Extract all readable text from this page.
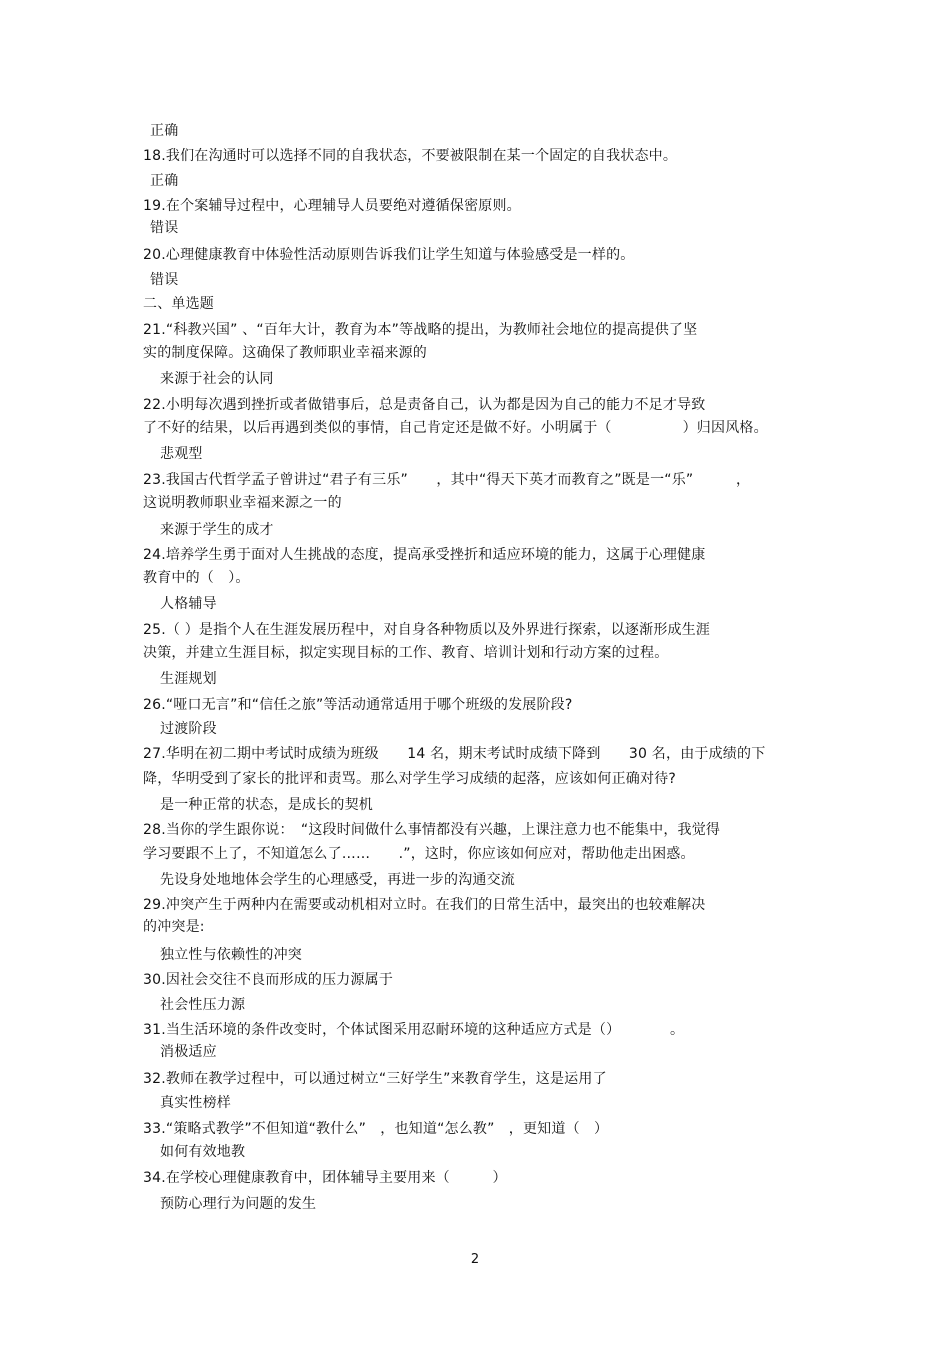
正确
18.我们在沟通时可以选择不同的自我状态，不要被限制在某一个固定的自我状态中。
正确
19.在个案辅导过程中，心理辅导人员要绝对遵循保密原则。
错误
20.心理健康教育中体验性活动原则告诉我们让学生知道与体验感受是一样的。
错误
二、单选题
21.“科教兴国” 、“百年大计，教育为本”等战略的提出，为教师社会地位的提高提供了坚
实的制度保障。这确保了教师职业幸福来源的
来源于社会的认同
22.小明每次遇到挫折或者做错事后，总是责备自己，认为都是因为自己的能力不足才导致
了不好的结果，以后再遇到类似的事情，自己肯定还是做不好。小明属于（　　　　　）归因风格。
悲观型
23.我国古代哲学孟子曾讲过“君子有三乐”　　，其中“得天下英才而教育之”既是一“乐”　　　，
这说明教师职业幸福来源之一的
来源于学生的成才
24.培养学生勇于面对人生挑战的态度，提高承受挫折和适应环境的能力，这属于心理健康
教育中的（　）。
人格辅导
25.（ ）是指个人在生涯发展历程中，对自身各种物质以及外界进行探索，以逐渐形成生涯
决策，并建立生涯目标，拟定实现目标的工作、教育、培训计划和行动方案的过程。
生涯规划
26.“哑口无言”和“信任之旅”等活动通常适用于哪个班级的发展阶段?
过渡阶段
27.华明在初二期中考试时成绩为班级　　14 名，期末考试时成绩下降到　　30 名，由于成绩的下
降，华明受到了家长的批评和责骂。那么对学生学习成绩的起落，应该如何正确对待?
是一种正常的状态，是成长的契机
28.当你的学生跟你说：　“这段时间做什么事情都没有兴趣，上课注意力也不能集中，我觉得
学习要跟不上了，不知道怎么了……　　.”，这时，你应该如何应对，帮助他走出困惑。
先设身处地地体会学生的心理感受，再进一步的沟通交流
29.冲突产生于两种内在需要或动机相对立时。在我们的日常生活中，最突出的也较难解决
的冲突是:
独立性与依赖性的冲突
30.因社会交往不良而形成的压力源属于
社会性压力源
31.当生活环境的条件改变时，个体试图采用忍耐环境的这种适应方式是（）　　　　。
消极适应
32.教师在教学过程中，可以通过树立“三好学生”来教育学生，这是运用了
真实性榜样
33.“策略式教学”不但知道“教什么”　，也知道“怎么教”　，更知道（　）
如何有效地教
34.在学校心理健康教育中，团体辅导主要用来（　　　）
预防心理行为问题的发生
2
